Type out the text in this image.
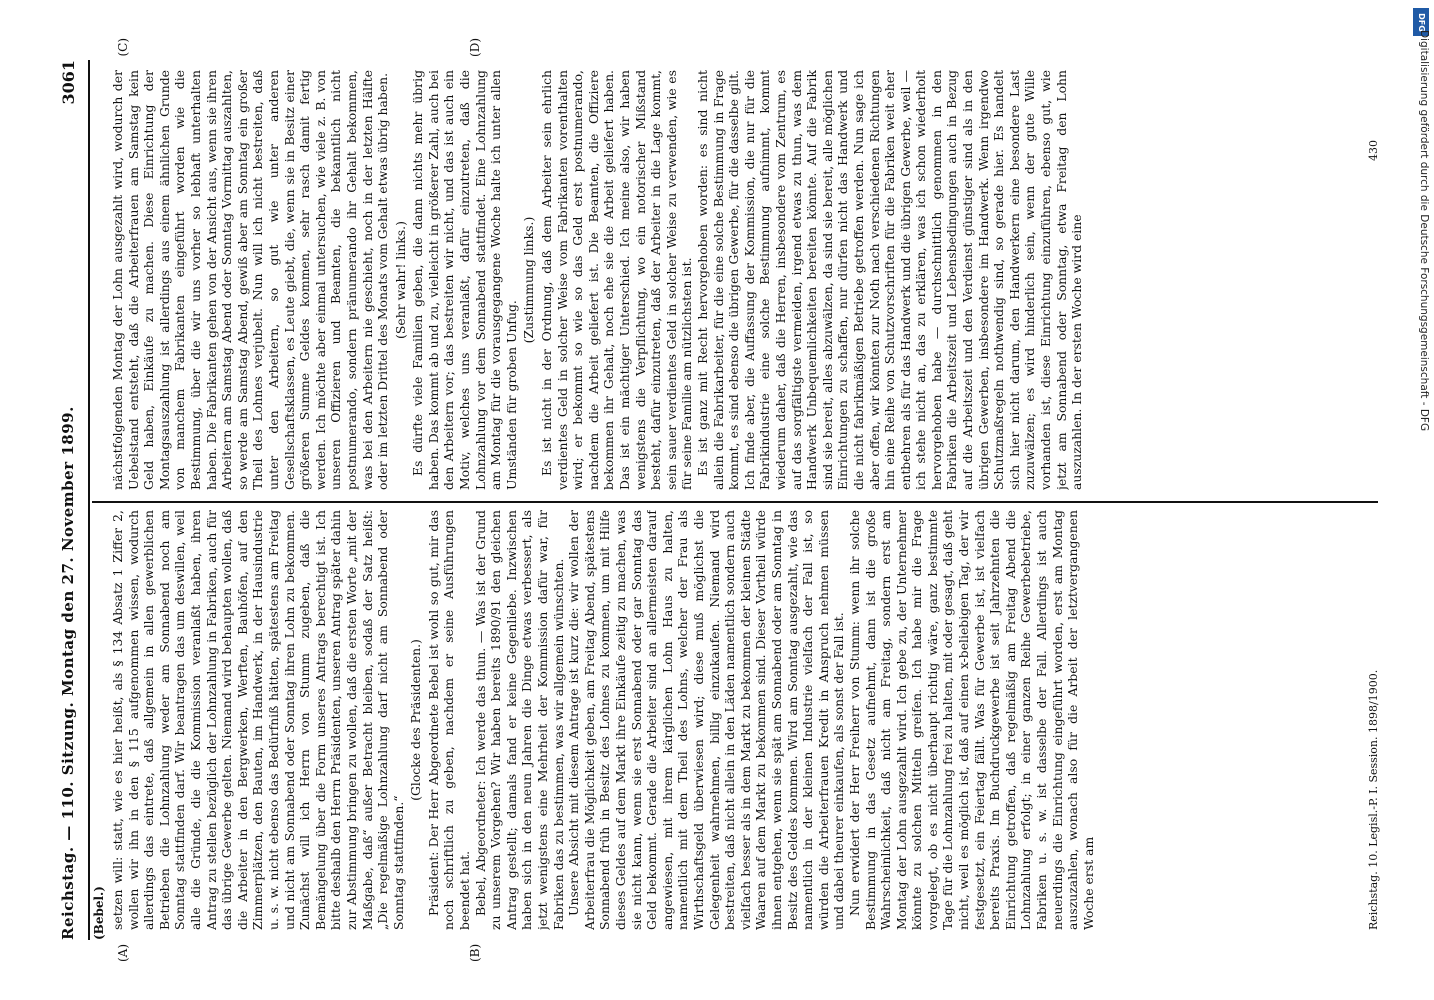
Reichstag. — 110. Sitzung. Montag den 27. November 1899.
3061
(Bebel.) setzen will: statt, wie es hier heißt, als § 134 Absatz 1 Ziffer 2, wollen wir ihn in den § 115 aufgenommen wissen, wodurch allerdings das eintrete, daß allgemein in allen gewerblichen Betrieben die Lohnzahlung weder am Sonnabend noch am Sonntag stattfinden darf. Wir beantragen das um deswillen, weil alle die Gründe, die die Kommission veranlaßt haben, ihren Antrag zu stellen bezüglich der Lohnzahlung in Fabriken, auch für das übrige Gewerbe gelten. Niemand wird behaupten wollen, daß die Arbeiter in den Bergwerken, Werften, Bauhöfen, auf den Zimmerplätzen, den Bauten, im Handwerk, in der Hausindustrie u. s. w. nicht ebenso das Bedürfniß hätten, spätestens am Freitag und nicht am Sonnabend oder Sonntag ihren Lohn zu bekommen. Zunächst will ich Herrn von Stumm zugeben, daß die Bemängelung über die Form unseres Antrags berechtigt ist. Ich bitte deshalb den Herrn Präsidenten, unseren Antrag später dahin zur Abstimmung bringen zu wollen, daß die ersten Worte „mit der Maßgabe, daß“ außer Betracht bleiben, sodaß der Satz heißt: „Die regelmäßige Lohnzahlung darf nicht am Sonnabend oder Sonntag stattfinden.“

(Glocke des Präsidenten.) Präsident: Der Herr Abgeordnete Bebel ist wohl so gut, mir das noch schriftlich zu geben, nachdem er seine Ausführungen beendet hat. Bebel, Abgeordneter: Ich werde das thun. — Was ist der Grund zu unserem Vorgehen? Wir haben bereits 1890/91 den gleichen Antrag gestellt; damals fand er keine Gegenliebe. Inzwischen haben sich in den neun Jahren die Dinge etwas verbessert, als jetzt wenigstens eine Mehrheit der Kommission dafür war, für Fabriken das zu bestimmen, was wir allgemein wünschten. Unsere Absicht mit diesem Antrage ist kurz die: wir wollen der Arbeiterfrau die Möglichkeit geben, am Freitag Abend, spätestens Sonnabend früh in Besitz des Lohnes zu kommen, um mit Hilfe dieses Geldes auf dem Markt ihre Einkäufe zeitig zu machen, was sie nicht kann, wenn sie erst Sonnabend oder gar Sonntag das Geld bekommt. Gerade die Arbeiter sind an allermeisten darauf angewiesen, mit ihrem kärglichen Lohn Haus zu halten, namentlich mit dem Theil des Lohns, welcher der Frau als Wirthschaftsgeld überwiesen wird; diese muß möglichst die Gelegenheit wahrnehmen, billig einzukaufen. Niemand wird bestreiten, daß nicht allein in den Läden namentlich sondern auch vielfach besser als in dem Markt zu bekommen der kleinen Städte Waaren auf dem Markt zu bekommen sind. Dieser Vortheil würde ihnen entgehen, wenn sie spät am Sonnabend oder am Sonntag in Besitz des Geldes kommen. Wird am Sonntag ausgezahlt, wie das namentlich in der kleinen Industrie vielfach der Fall ist, so würden die Arbeiterfrauen Kredit in Anspruch nehmen müssen und dabei theurer einkaufen, als sonst der Fall ist. Nun erwidert der Herr Freiherr von Stumm: wenn ihr solche Bestimmung in das Gesetz aufnehmt, dann ist die große Wahrscheinlichkeit, daß nicht am Freitag, sondern erst am Montag der Lohn ausgezahlt wird. Ich gebe zu, der Unternehmer könnte zu solchen Mitteln greifen. Ich habe mir die Frage vorgelegt, ob es nicht überhaupt richtig wäre, ganz bestimmte Tage für die Lohnzahlung frei zu halten, mit oder gesagt, daß geht nicht, weil es möglich ist, daß auf einen x-beliebigen Tag, der wir festgesetzt, ein Feiertag fällt. Was für Gewerbe ist, ist vielfach bereits Praxis. Im Buchdruckgewerbe ist seit Jahrzehnten die Einrichtung getroffen, daß regelmäßig am Freitag Abend die Lohnzahlung erfolgt; in einer ganzen Reihe Gewerbebetriebe, Fabriken u. s. w. ist dasselbe der Fall. Allerdings ist auch neuerdings die Einrichtung eingeführt worden, erst am Montag auszuzahlen, wonach also für die Arbeit der letztvergangenen Woche erst am

nächstfolgenden Montag der Lohn ausgezahlt wird, wodurch der Uebelstand entsteht, daß die Arbeiterfrauen am Samstag kein Geld haben, Einkäufe zu machen. Diese Einrichtung der Montagsauszahlung ist allerdings aus einem ähnlichen Grunde von manchem Fabrikanten eingeführt worden wie die Bestimmung, über die wir uns vorher so lebhaft unterhalten haben. Die Fabrikanten gehen von der Ansicht aus, wenn sie ihren Arbeitern am Samstag Abend oder Sonntag Vormittag auszahlten, so werde am Samstag Abend, gewiß aber am Sonntag ein großer Theil des Lohnes verjubelt. Nun will ich nicht bestreiten, daß unter den Arbeitern, so gut wie unter anderen Gesellschaftsklassen, es Leute giebt, die, wenn sie in Besitz einer größeren Summe Geldes kommen, sehr rasch damit fertig werden. Ich möchte aber einmal untersuchen, wie viele z. B. von unseren Offizieren und Beamten, die bekanntlich nicht postnumerando, sondern pränumerando ihr Gehalt bekommen, was bei den Arbeitern nie geschieht, noch in der letzten Hälfte oder im letzten Drittel des Monats vom Gehalt etwas übrig haben. (Sehr wahr! links.) Es dürfte viele Familien geben, die dann nichts mehr übrig haben. Das kommt ab und zu, vielleicht in größerer Zahl, auch bei den Arbeitern vor; das bestreiten wir nicht, und das ist auch ein Motiv, welches uns veranlaßt, dafür einzutreten, daß die Lohnzahlung vor dem Sonnabend stattfindet. Eine Lohnzahlung am Montag für die vorausgegangene Woche halte ich unter allen Umständen für groben Unfug.

(Zustimmung links.) Es ist nicht in der Ordnung, daß dem Arbeiter sein ehrlich verdientes Geld in solcher Weise vom Fabrikanten vorenthalten wird; er bekommt so wie so das Geld erst postnumerando, nachdem die Arbeit geliefert ist. Die Beamten, die Offiziere bekommen ihr Gehalt, noch ehe sie die Arbeit geliefert haben. Das ist ein mächtiger Unterschied. Ich meine also, wir haben wenigstens die Verpflichtung, wo ein notorischer Mißstand besteht, dafür einzutreten, daß der Arbeiter in die Lage kommt, sein sauer verdientes Geld in solcher Weise zu verwenden, wie es für seine Familie am nützlichsten ist. Es ist ganz mit Recht hervorgehoben worden: es sind nicht allein die Fabrikarbeiter, für die eine solche Bestimmung in Frage kommt, es sind ebenso die übrigen Gewerbe, für die dasselbe gilt. Ich finde aber, die Auffassung der Kommission, die nur für die Fabrikindustrie eine solche Bestimmung aufnimmt, kommt wiederum daher, daß die Herren, insbesondere vom Zentrum, es auf das sorgfältigste vermeiden, irgend etwas zu thun, was dem Handwerk Unbequemlichkeiten bereiten könnte. Auf die Fabrik sind sie bereit, alles abzuwälzen, da sind sie bereit, alle möglichen Einrichtungen zu schaffen, nur dürfen nicht das Handwerk und die nicht fabrikmäßigen Betriebe getroffen werden. Nun sage ich aber offen, wir könnten zur Noth nach verschiedenen Richtungen hin eine Reihe von Schutzvorschriften für die Fabriken weit eher entbehren als für das Handwerk und die übrigen Gewerbe, weil — ich stehe nicht an, das zu erklären, was ich schon wiederholt hervorgehoben habe — durchschnittlich genommen in den Fabriken die Arbeitszeit und Lebensbedingungen auch in Bezug auf die Arbeitszeit und den Verdienst günstiger sind als in den übrigen Gewerben, insbesondere im Handwerk. Wenn irgendwo Schutzmaßregeln nothwendig sind, so gerade hier. Es handelt sich hier nicht darum, den Handwerkern eine besondere Last zuzuwälzen; es wird hinderlich sein, wenn der gute Wille vorhanden ist, diese Einrichtung einzuführen, ebenso gut, wie jetzt am Sonnabend oder Sonntag, etwa Freitag den Lohn auszuzahlen. In der ersten Woche wird eine

(A)	(B)
(C)	(D)
Reichstag. 10. Legisl.-P. I. Session. 1898/1900.
430
DFG
Digitalisierung gefördert durch die Deutsche Forschungsgemeinschaft - DFG
